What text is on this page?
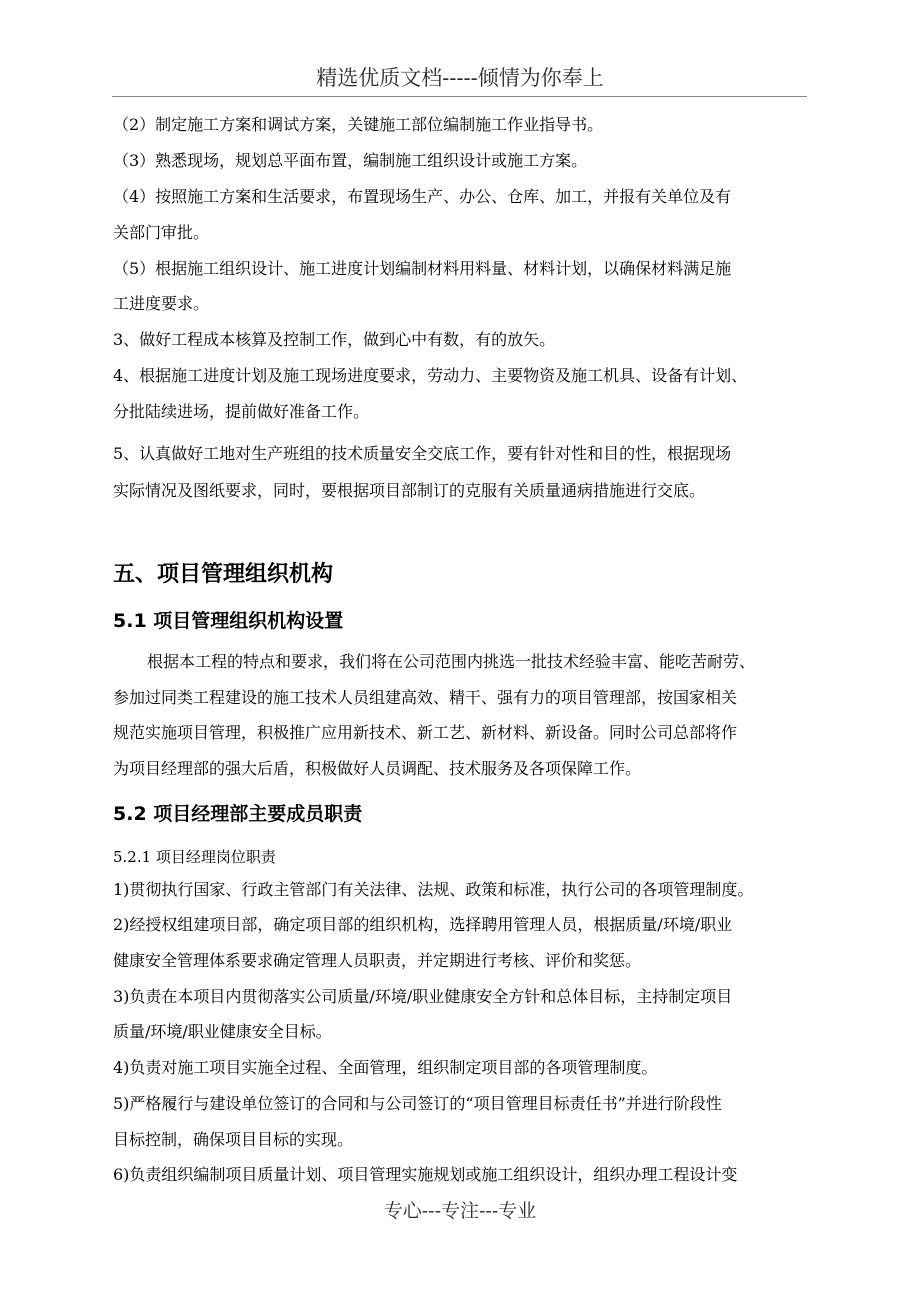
精选优质文档-----倾情为你奉上
（2）制定施工方案和调试方案，关键施工部位编制施工作业指导书。
（3）熟悉现场，规划总平面布置，编制施工组织设计或施工方案。
（4）按照施工方案和生活要求，布置现场生产、办公、仓库、加工，并报有关单位及有
关部门审批。
（5）根据施工组织设计、施工进度计划编制材料用料量、材料计划，以确保材料满足施
工进度要求。
3、做好工程成本核算及控制工作，做到心中有数，有的放矢。
4、根据施工进度计划及施工现场进度要求，劳动力、主要物资及施工机具、设备有计划、
分批陆续进场，提前做好准备工作。
5、认真做好工地对生产班组的技术质量安全交底工作，要有针对性和目的性，根据现场
实际情况及图纸要求，同时，要根据项目部制订的克服有关质量通病措施进行交底。
五、项目管理组织机构
5.1 项目管理组织机构设置
根据本工程的特点和要求，我们将在公司范围内挑选一批技术经验丰富、能吃苦耐劳、
参加过同类工程建设的施工技术人员组建高效、精干、强有力的项目管理部，按国家相关
规范实施项目管理，积极推广应用新技术、新工艺、新材料、新设备。同时公司总部将作
为项目经理部的强大后盾，积极做好人员调配、技术服务及各项保障工作。
5.2 项目经理部主要成员职责
5.2.1 项目经理岗位职责
1)贯彻执行国家、行政主管部门有关法律、法规、政策和标准，执行公司的各项管理制度。
2)经授权组建项目部，确定项目部的组织机构，选择聘用管理人员，根据质量/环境/职业
健康安全管理体系要求确定管理人员职责，并定期进行考核、评价和奖惩。
3)负责在本项目内贯彻落实公司质量/环境/职业健康安全方针和总体目标，主持制定项目
质量/环境/职业健康安全目标。
4)负责对施工项目实施全过程、全面管理，组织制定项目部的各项管理制度。
5)严格履行与建设单位签订的合同和与公司签订的“项目管理目标责任书”并进行阶段性
目标控制，确保项目目标的实现。
6)负责组织编制项目质量计划、项目管理实施规划或施工组织设计，组织办理工程设计变
专心---专注---专业
